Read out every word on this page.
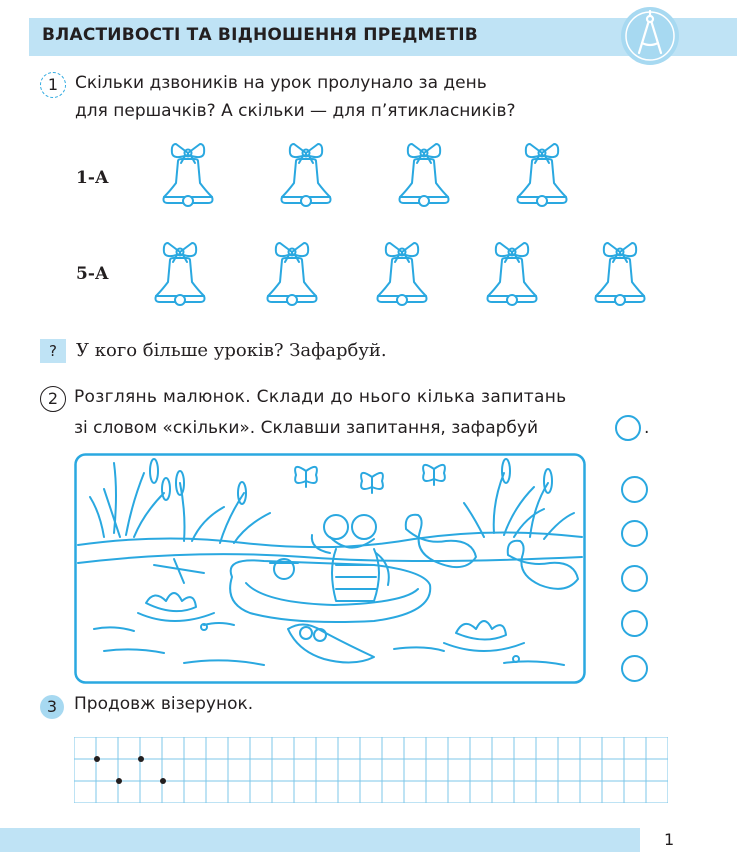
ВЛАСТИВОСТІ ТА ВІДНОШЕННЯ ПРЕДМЕТІВ
1 Скільки дзвоників на урок пролунало за день
для першачків? А скільки — для п’ятикласників?
1-А
5-А
?	У кого більше уроків? Зафарбуй.
2 Розглянь малюнок. Склади до нього кілька запитань
зі словом «скільки». Склавши запитання, зафарбуй	.
3 Продовж візерунок.
1
